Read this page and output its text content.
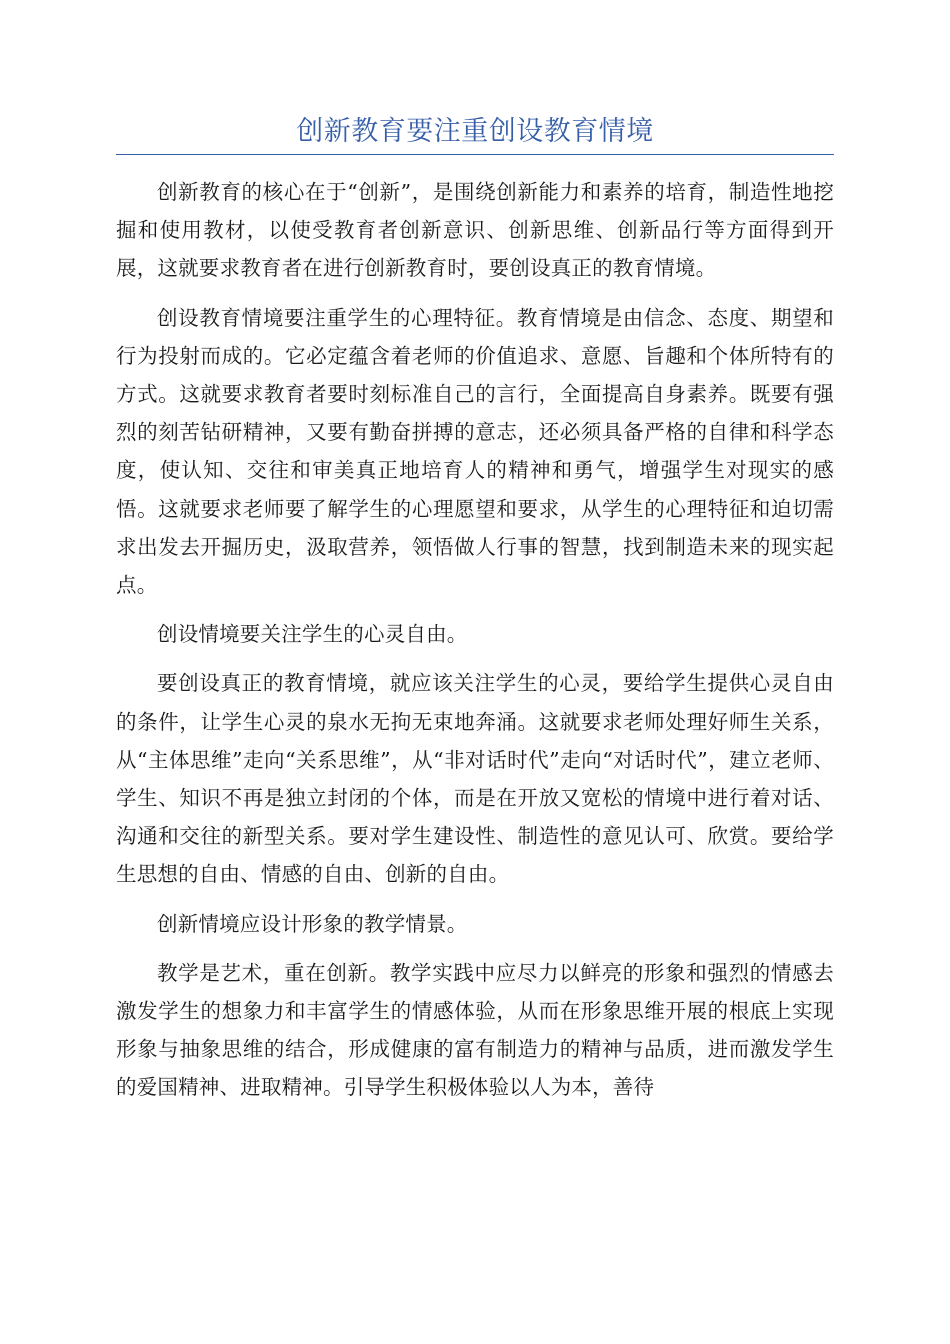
创新教育要注重创设教育情境

创新教育的核心在于“创新”，是围绕创新能力和素养的培育，制造性地挖掘和使用教材，以使受教育者创新意识、创新思维、创新品行等方面得到开展，这就要求教育者在进行创新教育时，要创设真正的教育情境。

创设教育情境要注重学生的心理特征。教育情境是由信念、态度、期望和行为投射而成的。它必定蕴含着老师的价值追求、意愿、旨趣和个体所特有的方式。这就要求教育者要时刻标准自己的言行，全面提高自身素养。既要有强烈的刻苦钻研精神，又要有勤奋拼搏的意志，还必须具备严格的自律和科学态度，使认知、交往和审美真正地培育人的精神和勇气，增强学生对现实的感悟。这就要求老师要了解学生的心理愿望和要求，从学生的心理特征和迫切需求出发去开掘历史，汲取营养，领悟做人行事的智慧，找到制造未来的现实起点。

创设情境要关注学生的心灵自由。

要创设真正的教育情境，就应该关注学生的心灵，要给学生提供心灵自由的条件，让学生心灵的泉水无拘无束地奔涌。这就要求老师处理好师生关系，从“主体思维”走向“关系思维”，从“非对话时代”走向“对话时代”，建立老师、学生、知识不再是独立封闭的个体，而是在开放又宽松的情境中进行着对话、沟通和交往的新型关系。要对学生建设性、制造性的意见认可、欣赏。要给学生思想的自由、情感的自由、创新的自由。

创新情境应设计形象的教学情景。

教学是艺术，重在创新。教学实践中应尽力以鲜亮的形象和强烈的情感去激发学生的想象力和丰富学生的情感体验，从而在形象思维开展的根底上实现形象与抽象思维的结合，形成健康的富有制造力的精神与品质，进而激发学生的爱国精神、进取精神。引导学生积极体验以人为本，善待
